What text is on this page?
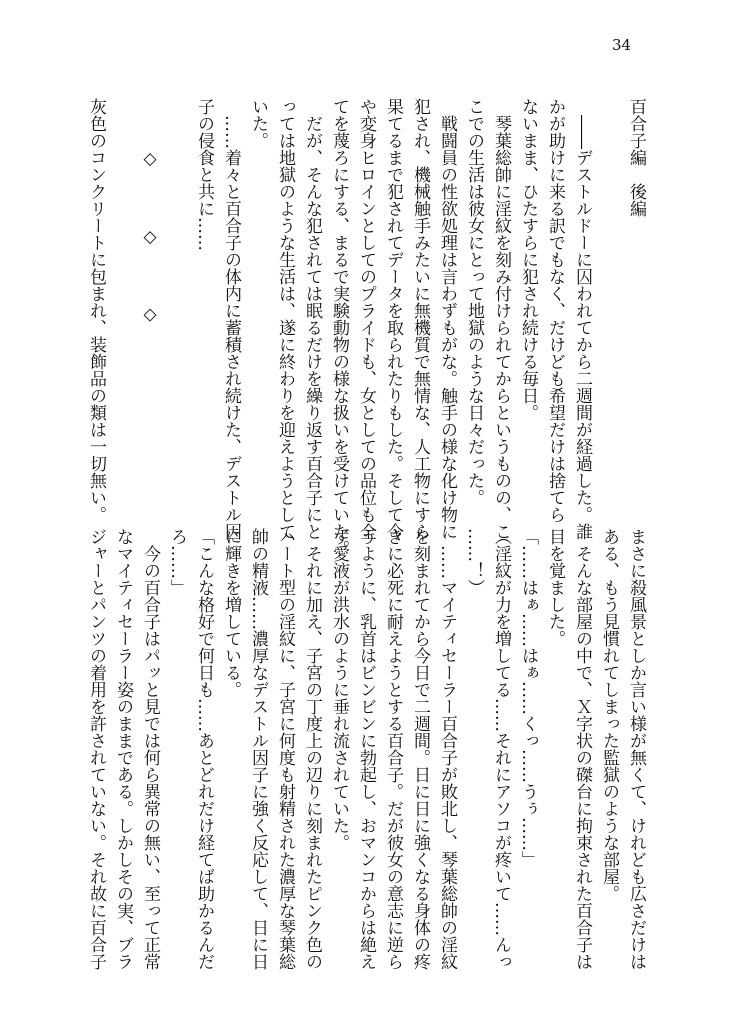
34
百合子編　後編
――デストルドーに囚われてから二週間が経過した。誰
かが助けに来る訳でもなく、だけども希望だけは捨てら
ないまま、ひたすらに犯され続ける毎日。
琴葉総帥に淫紋を刻み付けられてからというものの、こ
こでの生活は彼女にとって地獄のような日々だった。
戦闘員の性欲処理は言わずもがな。触手の様な化け物に
犯され、機械触手みたいに無機質で無情な、人工物にすら
果てるまで犯されてデータを取られたりもした。そして今
や変身ヒロインとしてのプライドも、女としての品位も全
てを蔑ろにする、まるで実験動物の様な扱いを受けていた。
だが、そんな犯されては眠るだけを繰り返す百合子にと
っては地獄のような生活は、遂に終わりを迎えようとして
いた。
……着々と百合子の体内に蓄積され続けた、デストル因
子の侵食と共に……
◇　◇　◇
灰色のコンクリートに包まれ、装飾品の類は一切無い。
まさに殺風景としか言い様が無くて、けれども広さだけは
ある、もう見慣れてしまった監獄のような部屋。
そんな部屋の中で、Ｘ字状の磔台に拘束された百合子は
目を覚ました。
「……はぁ……はぁ……くっ……うぅ……」
（淫紋が力を増してる……それにアソコが疼いて……んっ
……！）
……マイティセーラー百合子が敗北し、琴葉総帥の淫紋
を刻まれてから今日で二週間。日に日に強くなる身体の疼
きに必死に耐えようとする百合子。だが彼女の意志に逆ら
うように、乳首はビンビンに勃起し、おマンコからは絶え
ず愛液が洪水のように垂れ流されていた。
それに加え、子宮の丁度上の辺りに刻まれたピンク色の
ハート型の淫紋に、子宮に何度も射精された濃厚な琴葉総
帥の精液……濃厚なデストル因子に強く反応して、日に日
に輝きを増している。
「こんな格好で何日も……あとどれだけ経てば助かるんだ
ろ……」
今の百合子はパッと見では何ら異常の無い、至って正常
なマイティセーラー姿のままである。しかしその実、ブラ
ジャーとパンツの着用を許されていない。それ故に百合子
